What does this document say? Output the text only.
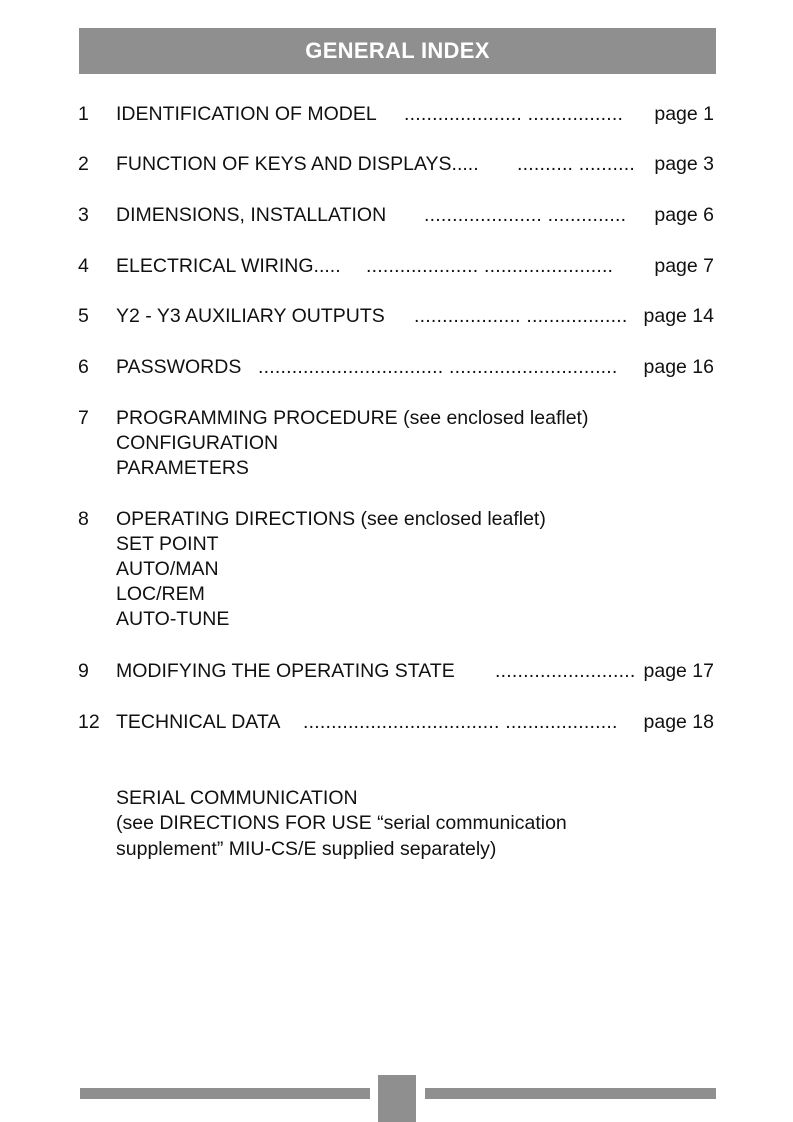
GENERAL INDEX
1 IDENTIFICATION OF MODEL ..................... ................. page 1
2 FUNCTION OF KEYS AND DISPLAYS..... .......... .......... page 3
3 DIMENSIONS, INSTALLATION ..................... .............. page 6
4 ELECTRICAL WIRING..... .................... ....................... page 7
5 Y2 - Y3 AUXILIARY OUTPUTS ................... .................. page 14
6 PASSWORDS ................................. .............................. page 16
7 PROGRAMMING PROCEDURE (see enclosed leaflet)
CONFIGURATION
PARAMETERS
8 OPERATING DIRECTIONS (see enclosed leaflet)
SET POINT
AUTO/MAN
LOC/REM
AUTO-TUNE
9 MODIFYING THE OPERATING STATE ......................... page 17
12 TECHNICAL DATA ................................... .................... page 18
SERIAL COMMUNICATION
(see DIRECTIONS FOR USE “serial communication
supplement” MIU-CS/E supplied separately)
